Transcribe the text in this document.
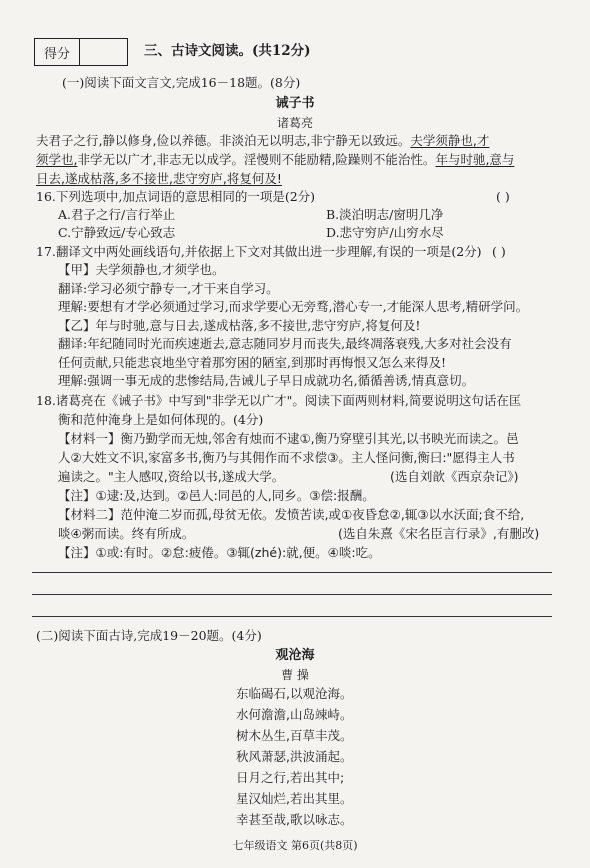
得分	三、古诗文阅读。(共12分)
(一)阅读下面文言文,完成16－18题。(8分)
诫子书
诸葛亮
夫君子之行,静以修身,俭以养德。非淡泊无以明志,非宁静无以致远。夫学须静也,才
须学也,非学无以广才,非志无以成学。淫慢则不能励精,险躁则不能治性。年与时驰,意与
日去,遂成枯落,多不接世,悲守穷庐,将复何及!
16.下列选项中,加点词语的意思相同的一项是(2分)	( )
A.君子之行/言行举止	B.淡泊明志/窗明几净
C.宁静致远/专心致志	D.悲守穷庐/山穷水尽
17.翻译文中两处画线语句,并依据上下文对其做出进一步理解,有误的一项是(2分) ( )
【甲】夫学须静也,才须学也。
翻译:学习必须宁静专一,才干来自学习。
理解:要想有才学必须通过学习,而求学要心无旁骛,潜心专一,才能深人思考,精研学问。
【乙】年与时驰,意与日去,遂成枯落,多不接世,悲守穷庐,将复何及!
翻译:年纪随同时光而疾速逝去,意志随同岁月而丧失,最终凋落衰残,大多对社会没有
任何贡献,只能悲哀地坐守着那穷困的陋室,到那时再悔恨又怎么来得及!
理解:强调一事无成的悲惨结局,告诫儿子早日成就功名,循循善诱,情真意切。
18.诸葛亮在《诫子书》中写到"非学无以广才"。阅读下面两则材料,简要说明这句话在匡
衡和范仲淹身上是如何体现的。(4分)
【材料一】衡乃勤学而无烛,邻舍有烛而不逮①,衡乃穿壁引其光,以书映光而读之。邑
人②大姓文不识,家富多书,衡乃与其佣作而不求偿③。主人怪问衡,衡曰:"愿得主人书
遍读之。"主人感叹,资给以书,遂成大学。	(选自刘歆《西京杂记》)
【注】①逮:及,达到。②邑人:同邑的人,同乡。③偿:报酬。
【材料二】范仲淹二岁而孤,母贫无依。发愤苦读,或①夜昏怠②,辄③以水沃面;食不给,
啖④粥而读。终有所成。	(选自朱熹《宋名臣言行录》,有删改)
【注】①或:有时。②怠:疲倦。③辄(zhé):就,便。④啖:吃。
(二)阅读下面古诗,完成19－20题。(4分)
观沧海
曹 操
东临碣石,以观沧海。
水何澹澹,山岛竦峙。
树木丛生,百草丰茂。
秋风萧瑟,洪波涌起。
日月之行,若出其中;
星汉灿烂,若出其里。
幸甚至哉,歌以咏志。
七年级语文 第6页(共8页)
